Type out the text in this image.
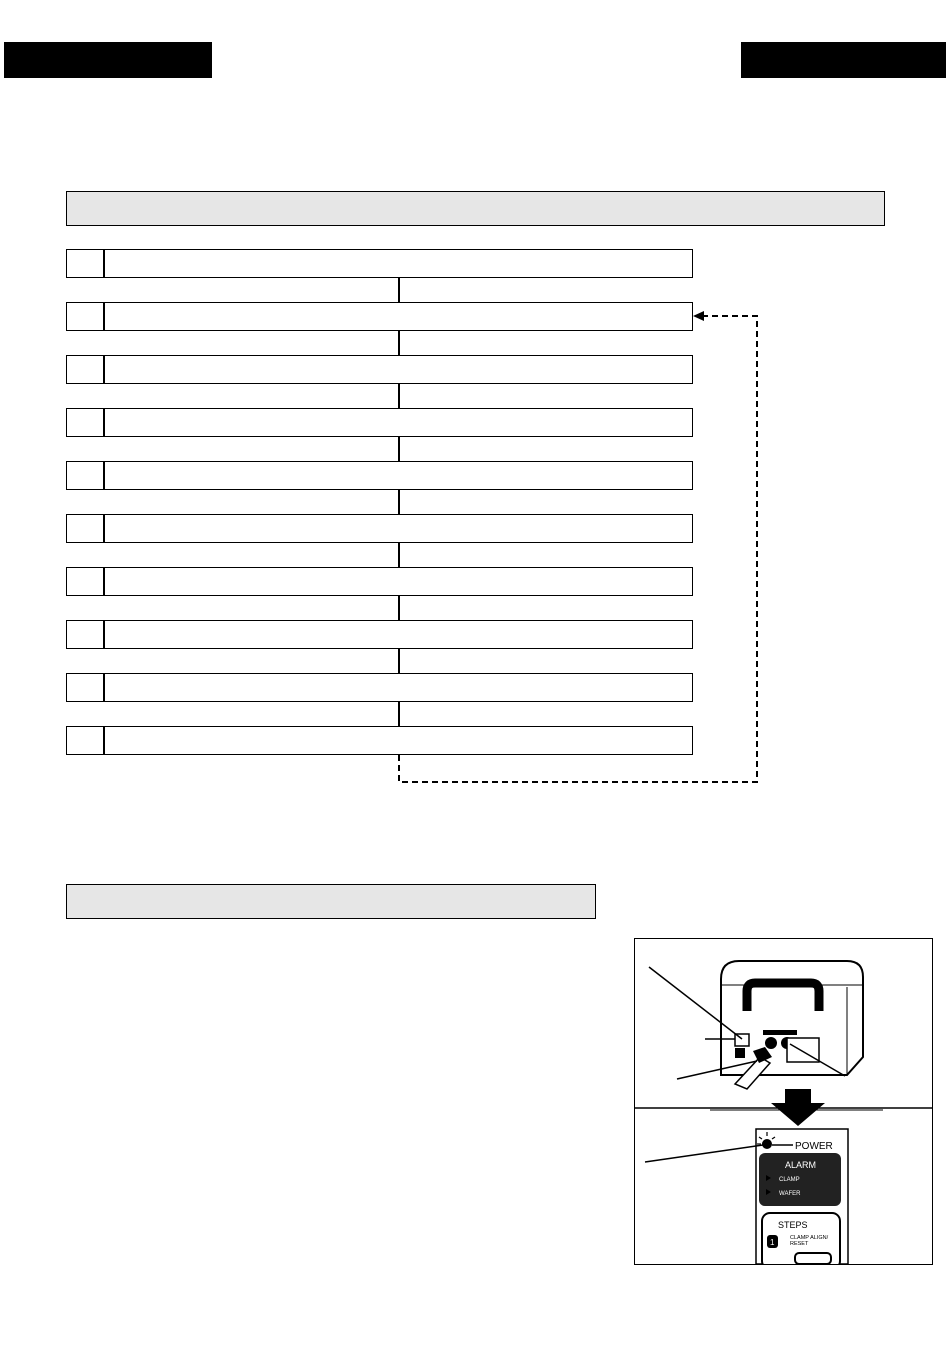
POWER
ALARM
CLAMP
WAFER
STEPS
1	CLAMP ALIGN/
RESET
